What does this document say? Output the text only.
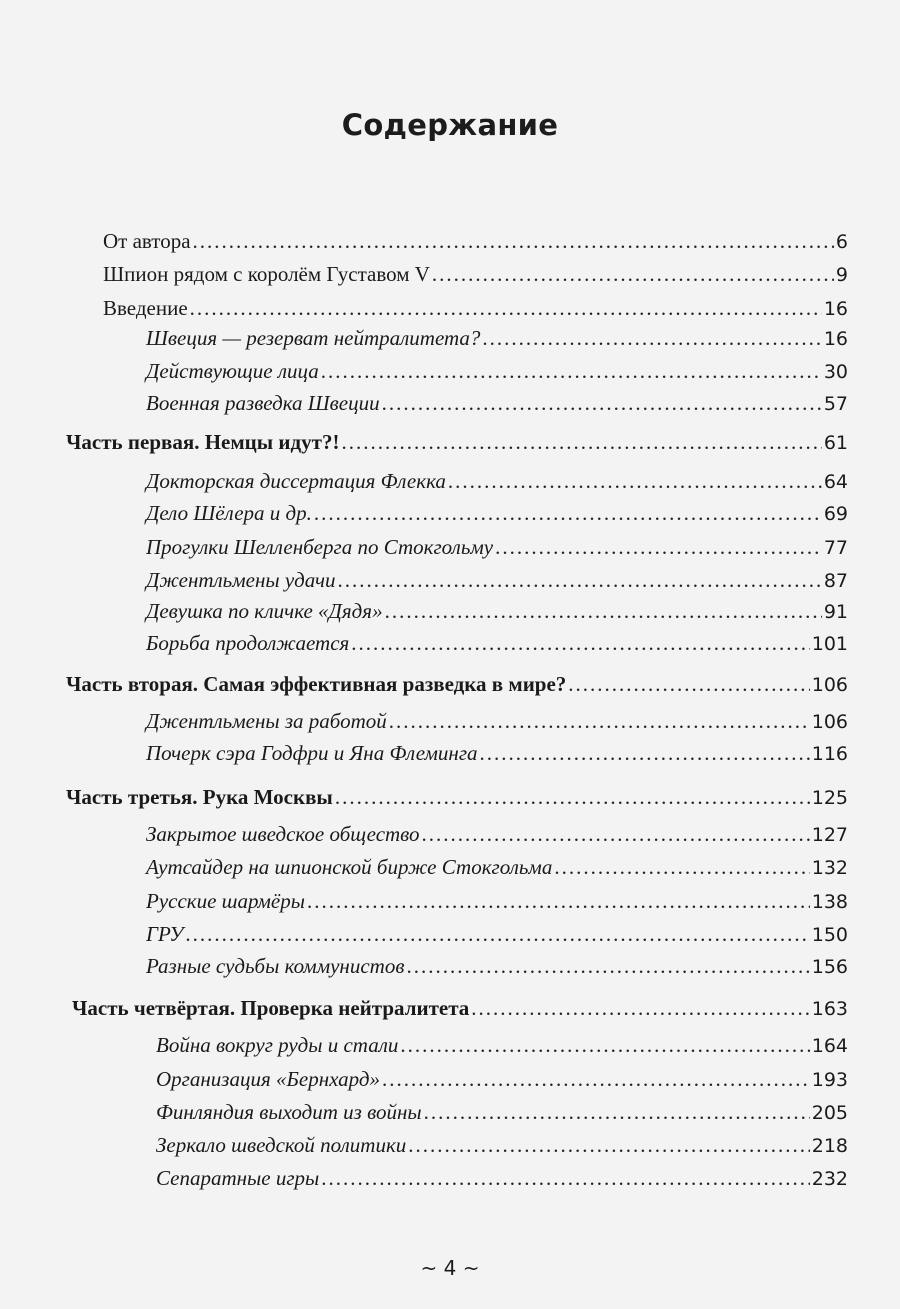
Содержание
От автора .....	6
Шпион рядом с королём Густавом V .....	9
Введение .....	16
Швеция — резерват нейтралитета? .....	16
Действующие лица .....	30
Военная разведка Швеции .....	57
Часть первая. Немцы идут?! .....	61
Докторская диссертация Флекка .....	64
Дело Шёлера и др. .....	69
Прогулки Шелленберга по Стокгольму .....	77
Джентльмены удачи .....	87
Девушка по кличке «Дядя» .....	91
Борьба продолжается .....	101
Часть вторая. Самая эффективная разведка в мире? .....	106
Джентльмены за работой .....	106
Почерк сэра Годфри и Яна Флеминга .....	116
Часть третья. Рука Москвы .....	125
Закрытое шведское общество .....	127
Аутсайдер на шпионской бирже Стокгольма .....	132
Русские шармёры .....	138
ГРУ .....	150
Разные судьбы коммунистов .....	156
Часть четвёртая. Проверка нейтралитета .....	163
Война вокруг руды и стали .....	164
Организация «Бернхард» .....	193
Финляндия выходит из войны .....	205
Зеркало шведской политики .....	218
Сепаратные игры .....	232
~ 4 ~
